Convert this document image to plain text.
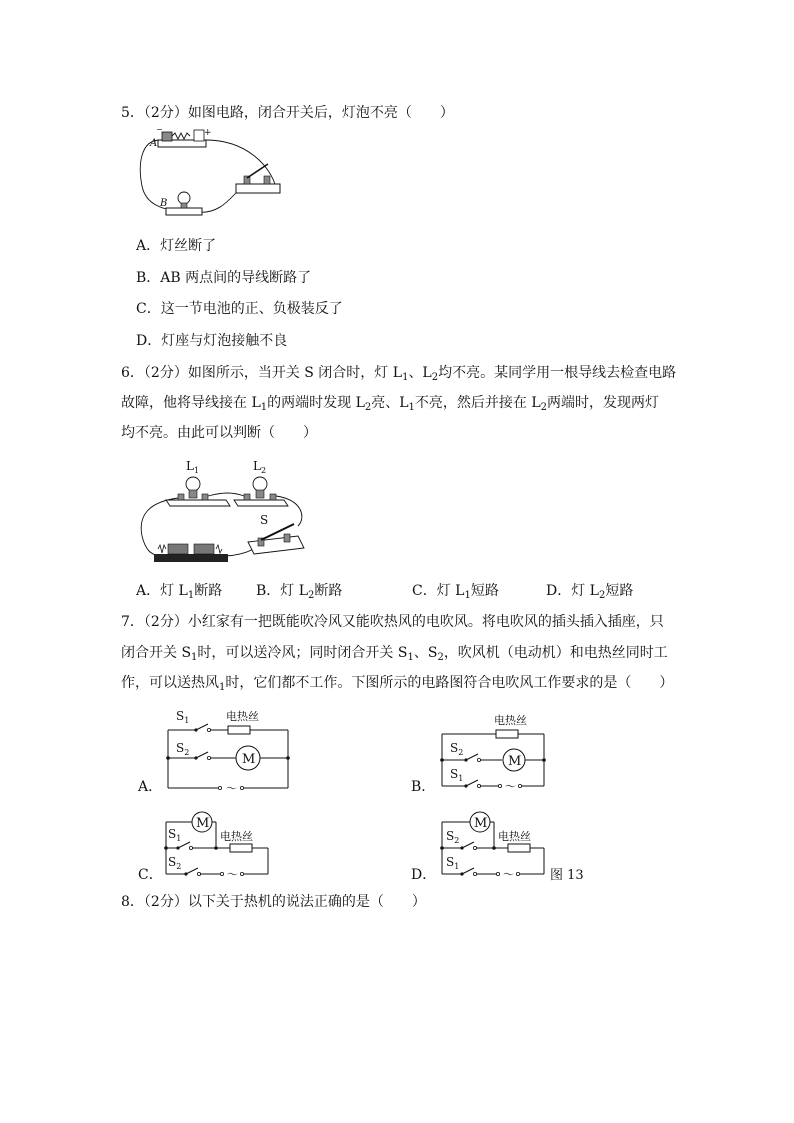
5．（2分）如图电路，闭合开关后，灯泡不亮（　　）
+
−
A
B
A．灯丝断了
B．AB 两点间的导线断路了
C．这一节电池的正、负极装反了
D．灯座与灯泡接触不良
6．（2分）如图所示，当开关 S 闭合时，灯 $L_1$、$L_2$均不亮。某同学用一根导线去检查电路
故障，他将导线接在 $L_1$的两端时发现 $L_2$亮、$L_1$不亮，然后并接在 $L_2$两端时，发现两灯
均不亮。由此可以判断（　　）
$L_1$	$L_2$
S
A．灯 $L_1$断路 B．灯 $L_2$断路	C．灯 $L_1$短路	D．灯 $L_2$短路
7．（2分）小红家有一把既能吹冷风又能吹热风的电吹风。将电吹风的插头插入插座，只
闭合开关 $S_1$时，可以送冷风；同时闭合开关 $S_1$、$S_2$，吹风机（电动机）和电热丝同时工
作，可以送热风$_1$时，它们都不工作。下图所示的电路图符合电吹风工作要求的是（　　）
A．
$S_1$	电热丝
$S_2$	M
～	B．
电热丝
$S_2$
M
$S_1$
～
C．
M
$S_1$	电热丝
$S_2$
～	D．
M
$S_2$	电热丝
$S_1$
～	图 13
8．（2分）以下关于热机的说法正确的是（　　）
